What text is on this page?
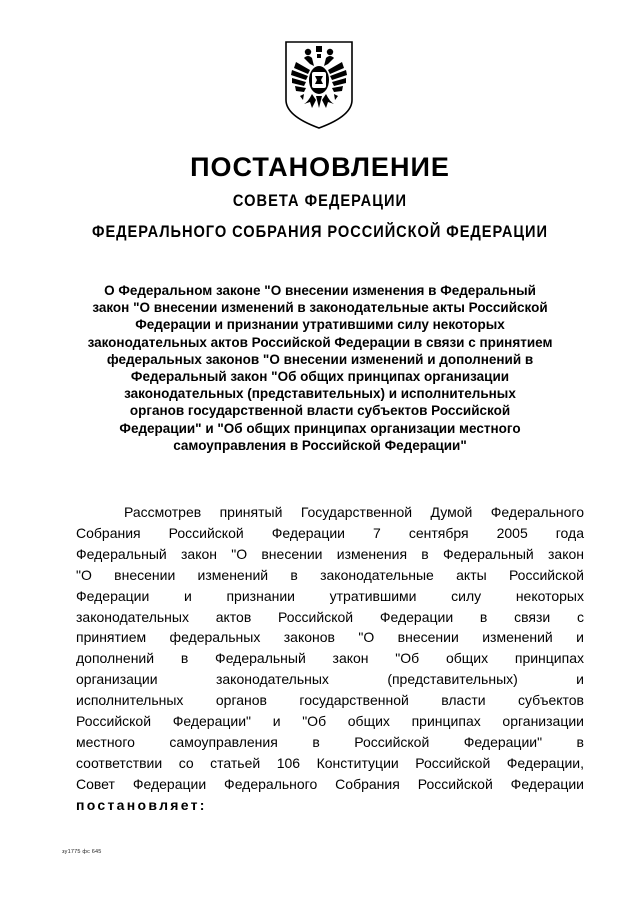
ПОСТАНОВЛЕНИЕ
СОВЕТА ФЕДЕРАЦИИ
ФЕДЕРАЛЬНОГО СОБРАНИЯ РОССИЙСКОЙ ФЕДЕРАЦИИ

О Федеральном законе "О внесении изменения в Федеральный
закон "О внесении изменений в законодательные акты Российской
Федерации и признании утратившими силу некоторых
законодательных актов Российской Федерации в связи с принятием
федеральных законов "О внесении изменений и дополнений в
Федеральный закон "Об общих принципах организации
законодательных (представительных) и исполнительных
органов государственной власти субъектов Российской
Федерации" и "Об общих принципах организации местного
самоуправления в Российской Федерации"

Рассмотрев принятый Государственной Думой Федерального
Собрания Российской Федерации 7 сентября 2005 года
Федеральный закон "О внесении изменения в Федеральный закон
"О внесении изменений в законодательные акты Российской
Федерации и признании утратившими силу некоторых
законодательных актов Российской Федерации в связи с
принятием федеральных законов "О внесении изменений и
дополнений в Федеральный закон "Об общих принципах
организации законодательных (представительных) и
исполнительных органов государственной власти субъектов
Российской Федерации" и "Об общих принципах организации
местного самоуправления в Российской Федерации" в
соответствии со статьей 106 Конституции Российской Федерации,
Совет Федерации Федерального Собрания Российской Федерации
постановляет:
зу1775 фс 645
